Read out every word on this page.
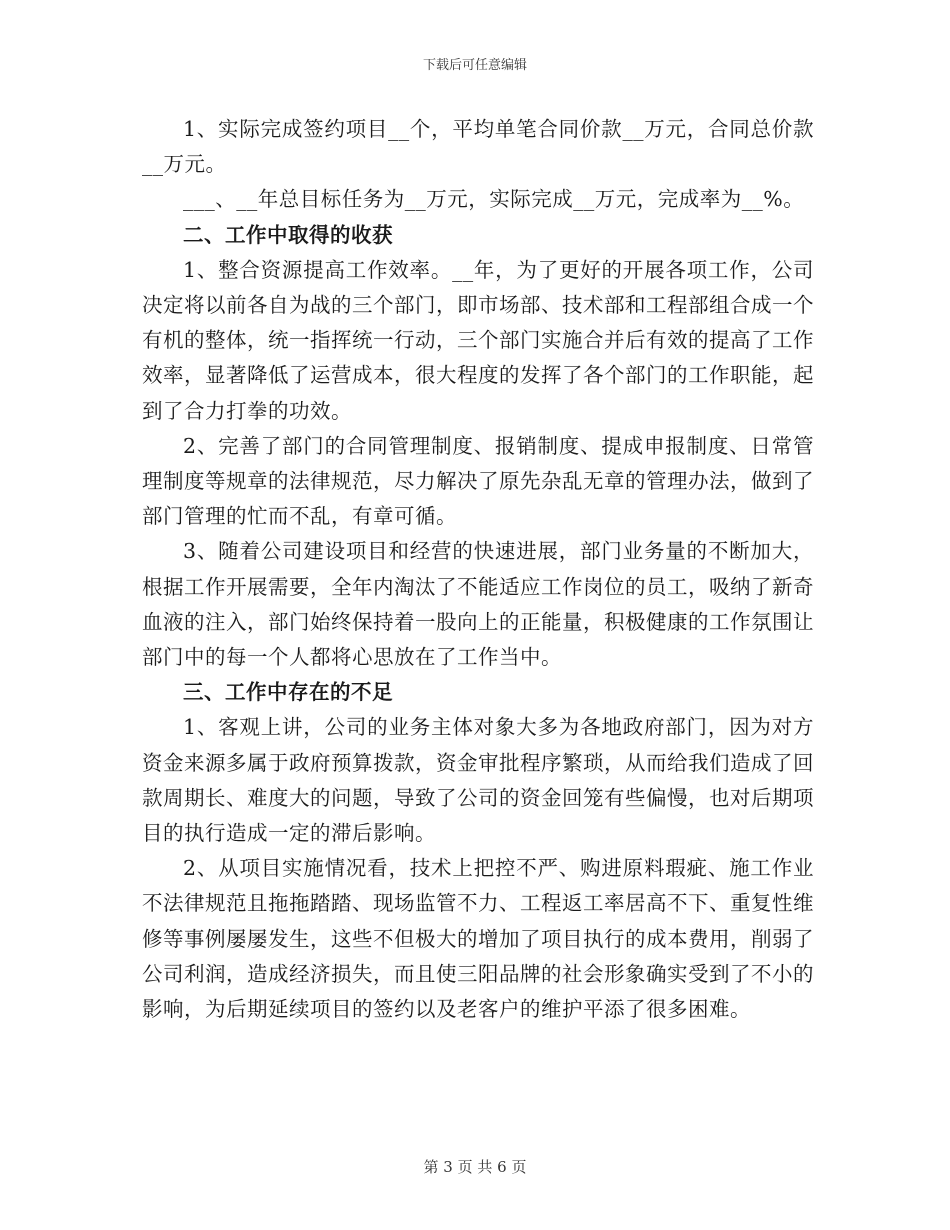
下载后可任意编辑

1、实际完成签约项目__个，平均单笔合同价款__万元，合同总价款__万元。

___、__年总目标任务为__万元，实际完成__万元，完成率为__%。

二、工作中取得的收获

1、整合资源提高工作效率。__年，为了更好的开展各项工作，公司决定将以前各自为战的三个部门，即市场部、技术部和工程部组合成一个有机的整体，统一指挥统一行动，三个部门实施合并后有效的提高了工作效率，显著降低了运营成本，很大程度的发挥了各个部门的工作职能，起到了合力打拳的功效。

2、完善了部门的合同管理制度、报销制度、提成申报制度、日常管理制度等规章的法律规范，尽力解决了原先杂乱无章的管理办法，做到了部门管理的忙而不乱，有章可循。

3、随着公司建设项目和经营的快速进展，部门业务量的不断加大，根据工作开展需要，全年内淘汰了不能适应工作岗位的员工，吸纳了新奇血液的注入，部门始终保持着一股向上的正能量，积极健康的工作氛围让部门中的每一个人都将心思放在了工作当中。

三、工作中存在的不足

1、客观上讲，公司的业务主体对象大多为各地政府部门，因为对方资金来源多属于政府预算拨款，资金审批程序繁琐，从而给我们造成了回款周期长、难度大的问题，导致了公司的资金回笼有些偏慢，也对后期项目的执行造成一定的滞后影响。

2、从项目实施情况看，技术上把控不严、购进原料瑕疵、施工作业不法律规范且拖拖踏踏、现场监管不力、工程返工率居高不下、重复性维修等事例屡屡发生，这些不但极大的增加了项目执行的成本费用，削弱了公司利润，造成经济损失，而且使三阳品牌的社会形象确实受到了不小的影响，为后期延续项目的签约以及老客户的维护平添了很多困难。

第 3 页 共 6 页
